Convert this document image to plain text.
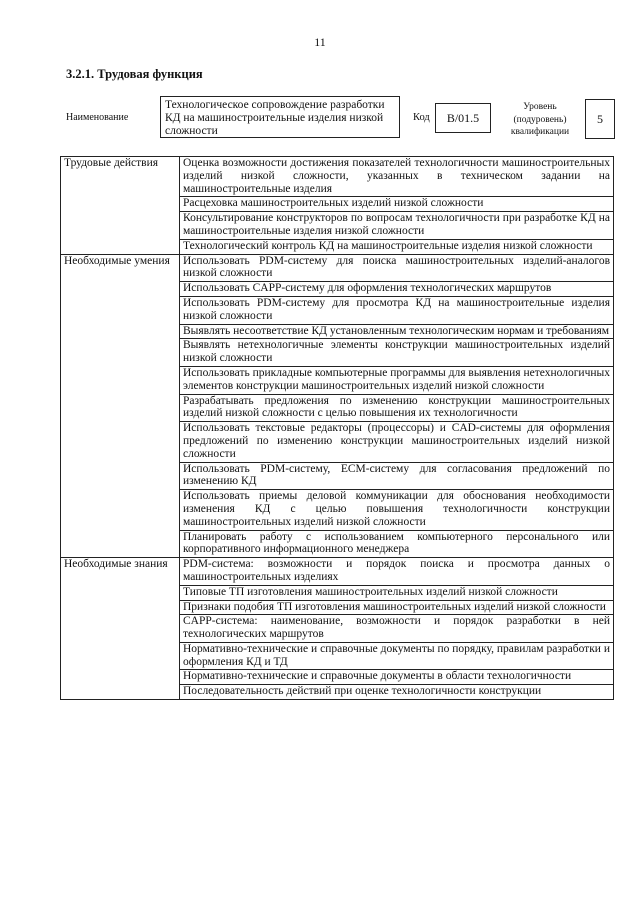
11
3.2.1. Трудовая функция
Наименование
Технологическое сопровождение разработки КД на машиностроительные изделия низкой сложности
Код	B/01.5
Уровень (подуровень) квалификации
5
Трудовые действия	Оценка возможности достижения показателей технологичности машиностроительных изделий низкой сложности, указанных в техническом задании на машиностроительные изделия
	Расцеховка машиностроительных изделий низкой сложности
	Консультирование конструкторов по вопросам технологичности при разработке КД на машиностроительные изделия низкой сложности
	Технологический контроль КД на машиностроительные изделия низкой сложности
Необходимые умения	Использовать PDM-систему для поиска машиностроительных изделий-аналогов низкой сложности
	Использовать CAPP-систему для оформления технологических маршрутов
	Использовать PDM-систему для просмотра КД на машиностроительные изделия низкой сложности
	Выявлять несоответствие КД установленным технологическим нормам и требованиям
	Выявлять нетехнологичные элементы конструкции машиностроительных изделий низкой сложности
	Использовать прикладные компьютерные программы для выявления нетехнологичных элементов конструкции машиностроительных изделий низкой сложности
	Разрабатывать предложения по изменению конструкции машиностроительных изделий низкой сложности с целью повышения их технологичности
	Использовать текстовые редакторы (процессоры) и CAD-системы для оформления предложений по изменению конструкции машиностроительных изделий низкой сложности
	Использовать PDM-систему, ECM-систему для согласования предложений по изменению КД
	Использовать приемы деловой коммуникации для обоснования необходимости изменения КД с целью повышения технологичности конструкции машиностроительных изделий низкой сложности
	Планировать работу с использованием компьютерного персонального или корпоративного информационного менеджера
Необходимые знания	PDM-система: возможности и порядок поиска и просмотра данных о машиностроительных изделиях
	Типовые ТП изготовления машиностроительных изделий низкой сложности
	Признаки подобия ТП изготовления машиностроительных изделий низкой сложности
	CAPP-система: наименование, возможности и порядок разработки в ней технологических маршрутов
	Нормативно-технические и справочные документы по порядку, правилам разработки и оформления КД и ТД
	Нормативно-технические и справочные документы в области технологичности
	Последовательность действий при оценке технологичности конструкции
